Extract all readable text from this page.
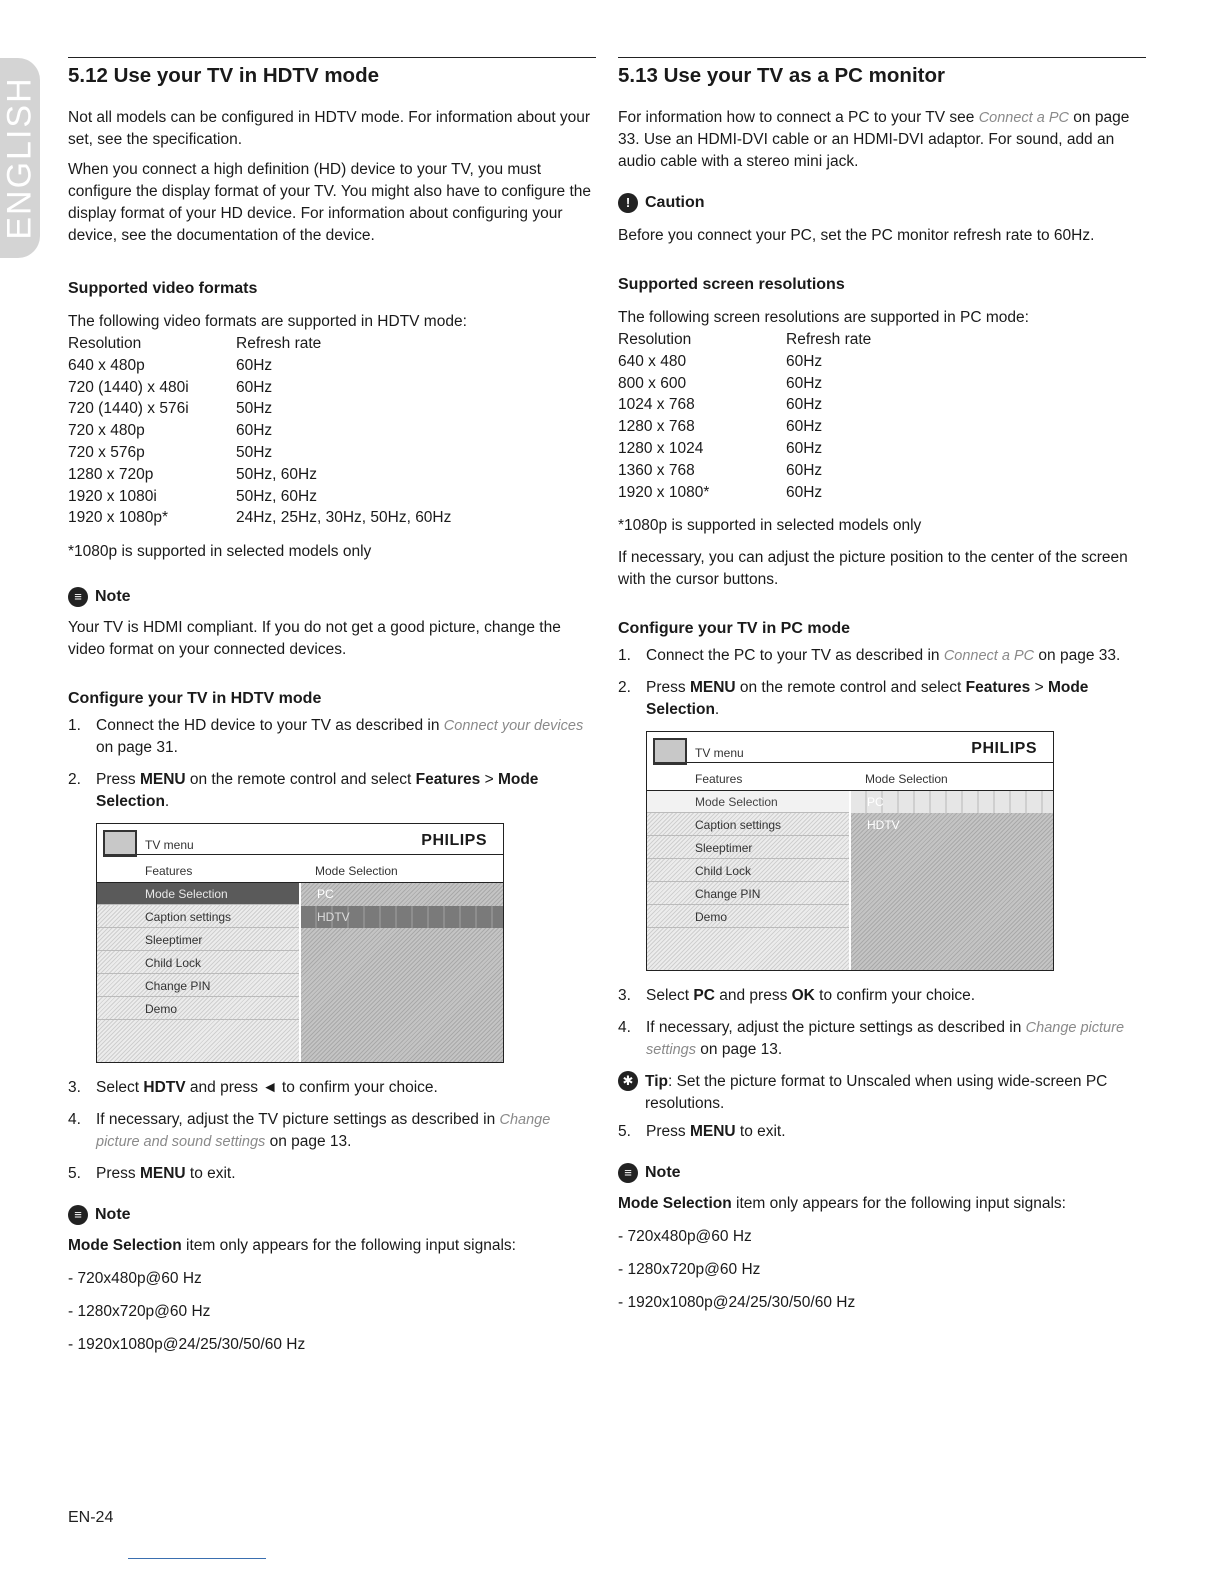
ENGLISH
5.12 Use your TV in HDTV mode

Not all models can be configured in HDTV mode. For information about your set, see the specification.

When you connect a high definition (HD) device to your TV, you must configure the display format of your TV. You might also have to configure the display format of your HD device. For information about configuring your device, see the documentation of the device.

Supported video formats

The following video formats are supported in HDTV mode:

Resolution	Refresh rate
640 x 480p	60Hz
720 (1440) x 480i	60Hz
720 (1440) x 576i	50Hz
720 x 480p	60Hz
720 x 576p	50Hz
1280 x 720p	50Hz, 60Hz
1920 x 1080i	50Hz, 60Hz
1920 x 1080p*	24Hz, 25Hz, 30Hz, 50Hz, 60Hz

*1080p is supported in selected models only

≡ Note

Your TV is HDMI compliant. If you do not get a good picture, change the video format on your connected devices.

Configure your TV in HDTV mode
1. Connect the HD device to your TV as described in Connect your devices on page 31.
2. Press MENU on the remote control and select Features > Mode Selection.
TV menu	PHILIPS
Features	Mode Selection
Mode Selection
Caption settings
Sleeptimer
Child Lock
Change PIN
Demo
PC
HDTV
3. Select HDTV and press ◄ to confirm your choice.
4. If necessary, adjust the TV picture settings as described in Change picture and sound settings on page 13.
5. Press MENU to exit.
≡ Note

Mode Selection item only appears for the following input signals:

- 720x480p@60 Hz
- 1280x720p@60 Hz
- 1920x1080p@24/25/30/50/60 Hz
5.13 Use your TV as a PC monitor

For information how to connect a PC to your TV see Connect a PC on page 33. Use an HDMI-DVI cable or an HDMI-DVI adaptor. For sound, add an audio cable with a stereo mini jack.

! Caution

Before you connect your PC, set the PC monitor refresh rate to 60Hz.

Supported screen resolutions

The following screen resolutions are supported in PC mode:

Resolution	Refresh rate
640 x 480	60Hz
800 x 600	60Hz
1024 x 768	60Hz
1280 x 768	60Hz
1280 x 1024	60Hz
1360 x 768	60Hz
1920 x 1080*	60Hz

*1080p is supported in selected models only

If necessary, you can adjust the picture position to the center of the screen with the cursor buttons.

Configure your TV in PC mode
1. Connect the PC to your TV as described in Connect a PC on page 33.
2. Press MENU on the remote control and select Features > Mode Selection.
TV menu	PHILIPS
Features	Mode Selection
Mode Selection
Caption settings
Sleeptimer
Child Lock
Change PIN
Demo
PC
HDTV
3. Select PC and press OK to confirm your choice.
4. If necessary, adjust the picture settings as described in Change picture settings on page 13.
✱ Tip: Set the picture format to Unscaled when using wide-screen PC resolutions.
5. Press MENU to exit.
≡ Note

Mode Selection item only appears for the following input signals:

- 720x480p@60 Hz
- 1280x720p@60 Hz
- 1920x1080p@24/25/30/50/60 Hz
EN-24
